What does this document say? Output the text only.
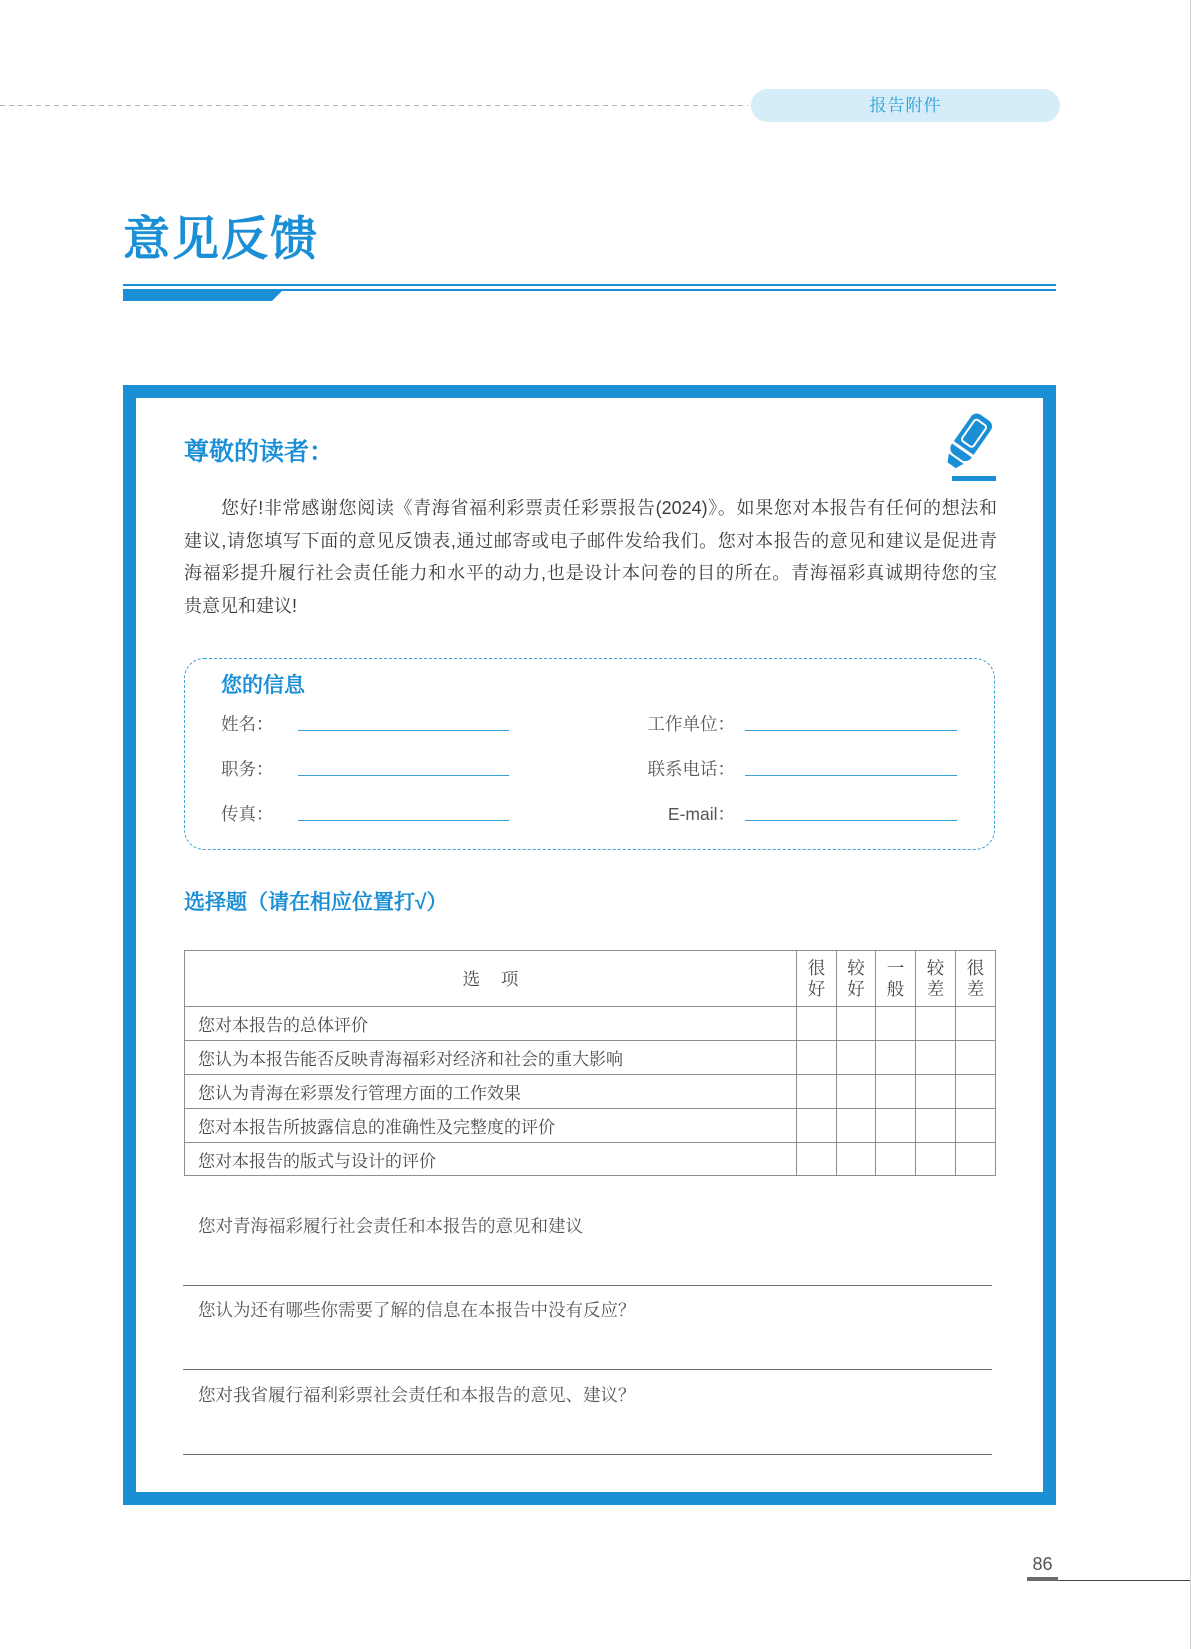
报告附件
意见反馈
尊敬的读者：

您好!非常感谢您阅读《青海省福利彩票责任彩票报告(2024)》。如果您对本报告有任何的想法和

建议,请您填写下面的意见反馈表,通过邮寄或电子邮件发给我们。您对本报告的意见和建议是促进青

海福彩提升履行社会责任能力和水平的动力,也是设计本问卷的目的所在。青海福彩真诚期待您的宝

贵意见和建议!

您的信息
姓名：	工作单位：
职务：	联系电话：
传真：	E-mail：
选择题（请在相应位置打√）
选 项	很好	较好	一般	较差	很差
您对本报告的总体评价					
您认为本报告能否反映青海福彩对经济和社会的重大影响					
您认为青海在彩票发行管理方面的工作效果					
您对本报告所披露信息的准确性及完整度的评价					
您对本报告的版式与设计的评价					
您对青海福彩履行社会责任和本报告的意见和建议
您认为还有哪些你需要了解的信息在本报告中没有反应？
您对我省履行福利彩票社会责任和本报告的意见、建议？
86
